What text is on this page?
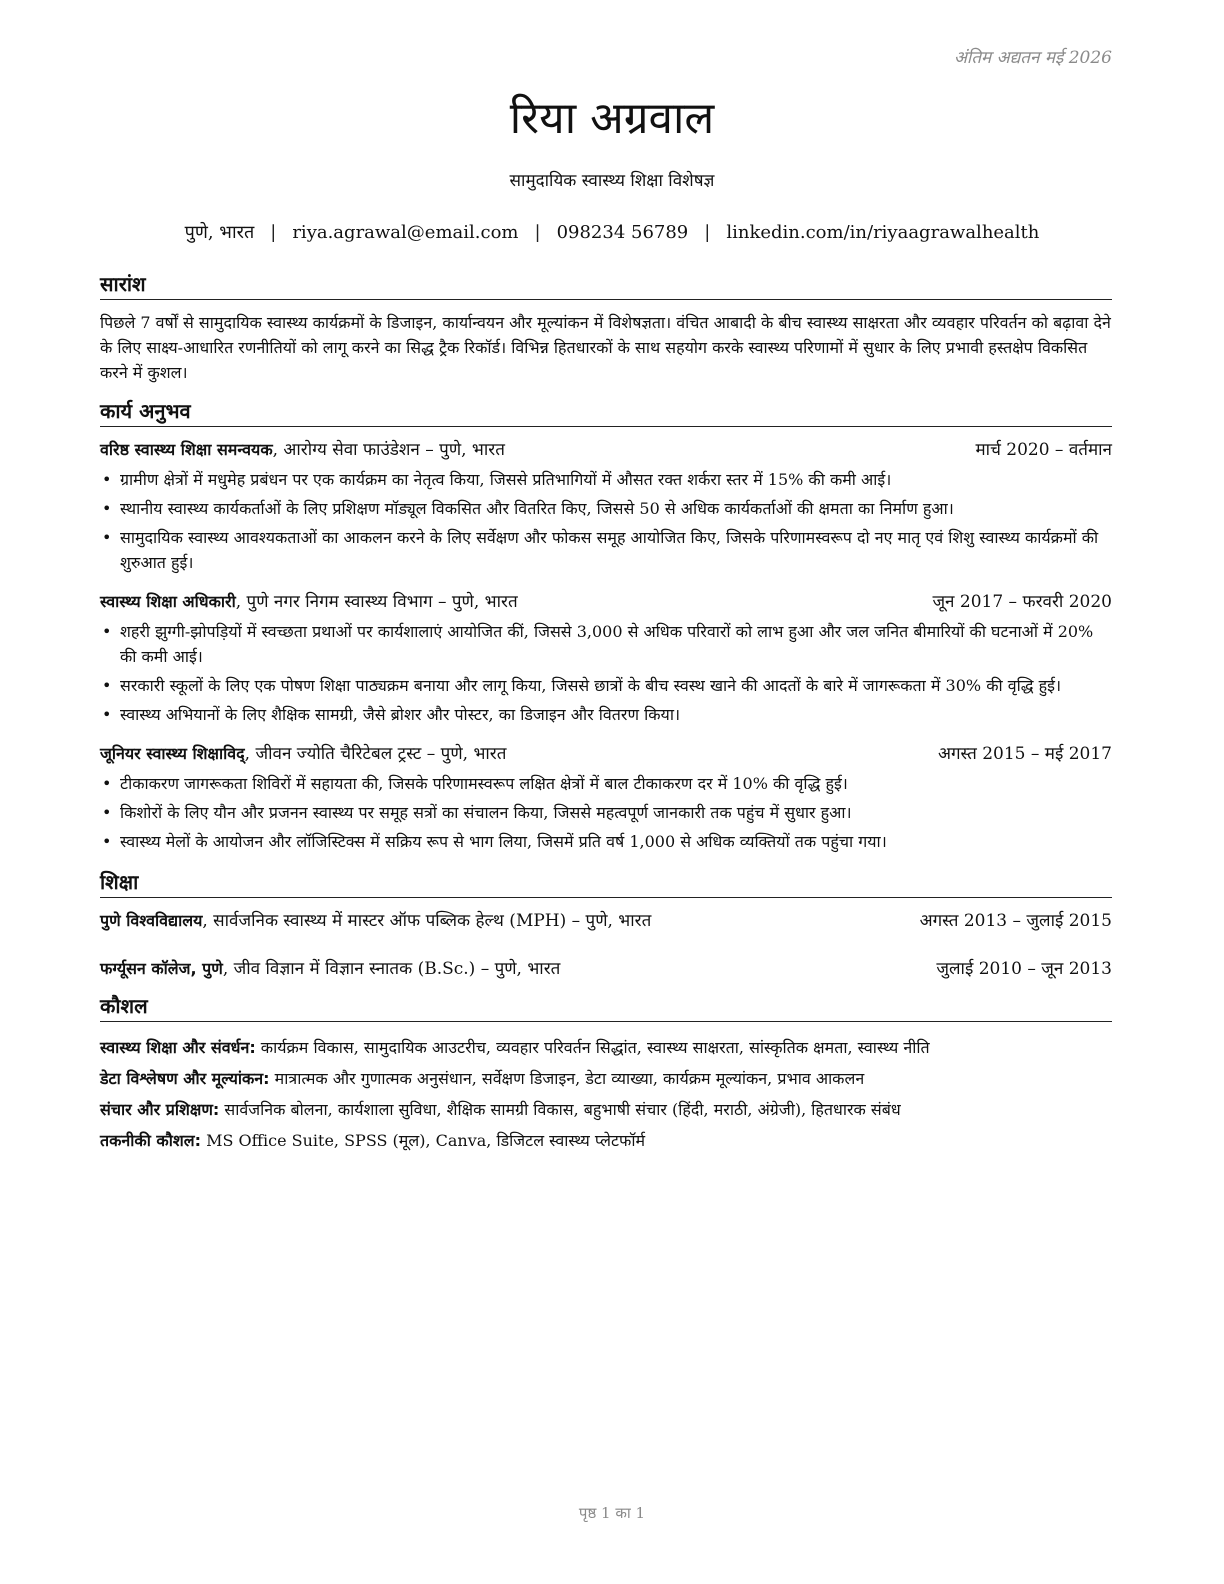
अंतिम अद्यतन मई 2026
रिया अग्रवाल
सामुदायिक स्वास्थ्य शिक्षा विशेषज्ञ
पुणे, भारत | riya.agrawal@email.com | 098234 56789 | linkedin.com/in/riyaagrawalhealth
सारांश

पिछले 7 वर्षों से सामुदायिक स्वास्थ्य कार्यक्रमों के डिजाइन, कार्यान्वयन और मूल्यांकन में विशेषज्ञता। वंचित आबादी के बीच स्वास्थ्य साक्षरता और व्यवहार परिवर्तन को बढ़ावा देने के लिए साक्ष्य-आधारित रणनीतियों को लागू करने का सिद्ध ट्रैक रिकॉर्ड। विभिन्न हितधारकों के साथ सहयोग करके स्वास्थ्य परिणामों में सुधार के लिए प्रभावी हस्तक्षेप विकसित करने में कुशल।

कार्य अनुभव
वरिष्ठ स्वास्थ्य शिक्षा समन्वयक, आरोग्य सेवा फाउंडेशन – पुणे, भारत	मार्च 2020 – वर्तमान
• ग्रामीण क्षेत्रों में मधुमेह प्रबंधन पर एक कार्यक्रम का नेतृत्व किया, जिससे प्रतिभागियों में औसत रक्त शर्करा स्तर में 15% की कमी आई।
• स्थानीय स्वास्थ्य कार्यकर्ताओं के लिए प्रशिक्षण मॉड्यूल विकसित और वितरित किए, जिससे 50 से अधिक कार्यकर्ताओं की क्षमता का निर्माण हुआ।
• सामुदायिक स्वास्थ्य आवश्यकताओं का आकलन करने के लिए सर्वेक्षण और फोकस समूह आयोजित किए, जिसके परिणामस्वरूप दो नए मातृ एवं शिशु स्वास्थ्य कार्यक्रमों की शुरुआत हुई।
स्वास्थ्य शिक्षा अधिकारी, पुणे नगर निगम स्वास्थ्य विभाग – पुणे, भारत	जून 2017 – फरवरी 2020
• शहरी झुग्गी-झोपड़ियों में स्वच्छता प्रथाओं पर कार्यशालाएं आयोजित कीं, जिससे 3,000 से अधिक परिवारों को लाभ हुआ और जल जनित बीमारियों की घटनाओं में 20% की कमी आई।
• सरकारी स्कूलों के लिए एक पोषण शिक्षा पाठ्यक्रम बनाया और लागू किया, जिससे छात्रों के बीच स्वस्थ खाने की आदतों के बारे में जागरूकता में 30% की वृद्धि हुई।
• स्वास्थ्य अभियानों के लिए शैक्षिक सामग्री, जैसे ब्रोशर और पोस्टर, का डिजाइन और वितरण किया।
जूनियर स्वास्थ्य शिक्षाविद्, जीवन ज्योति चैरिटेबल ट्रस्ट – पुणे, भारत	अगस्त 2015 – मई 2017
• टीकाकरण जागरूकता शिविरों में सहायता की, जिसके परिणामस्वरूप लक्षित क्षेत्रों में बाल टीकाकरण दर में 10% की वृद्धि हुई।
• किशोरों के लिए यौन और प्रजनन स्वास्थ्य पर समूह सत्रों का संचालन किया, जिससे महत्वपूर्ण जानकारी तक पहुंच में सुधार हुआ।
• स्वास्थ्य मेलों के आयोजन और लॉजिस्टिक्स में सक्रिय रूप से भाग लिया, जिसमें प्रति वर्ष 1,000 से अधिक व्यक्तियों तक पहुंचा गया।
शिक्षा
पुणे विश्वविद्यालय, सार्वजनिक स्वास्थ्य में मास्टर ऑफ पब्लिक हेल्थ (MPH) – पुणे, भारत	अगस्त 2013 – जुलाई 2015
फर्ग्यूसन कॉलेज, पुणे, जीव विज्ञान में विज्ञान स्नातक (B.Sc.) – पुणे, भारत	जुलाई 2010 – जून 2013
कौशल
स्वास्थ्य शिक्षा और संवर्धन: कार्यक्रम विकास, सामुदायिक आउटरीच, व्यवहार परिवर्तन सिद्धांत, स्वास्थ्य साक्षरता, सांस्कृतिक क्षमता, स्वास्थ्य नीति
डेटा विश्लेषण और मूल्यांकन: मात्रात्मक और गुणात्मक अनुसंधान, सर्वेक्षण डिजाइन, डेटा व्याख्या, कार्यक्रम मूल्यांकन, प्रभाव आकलन
संचार और प्रशिक्षण: सार्वजनिक बोलना, कार्यशाला सुविधा, शैक्षिक सामग्री विकास, बहुभाषी संचार (हिंदी, मराठी, अंग्रेजी), हितधारक संबंध
तकनीकी कौशल: MS Office Suite, SPSS (मूल), Canva, डिजिटल स्वास्थ्य प्लेटफॉर्म
पृष्ठ 1 का 1
